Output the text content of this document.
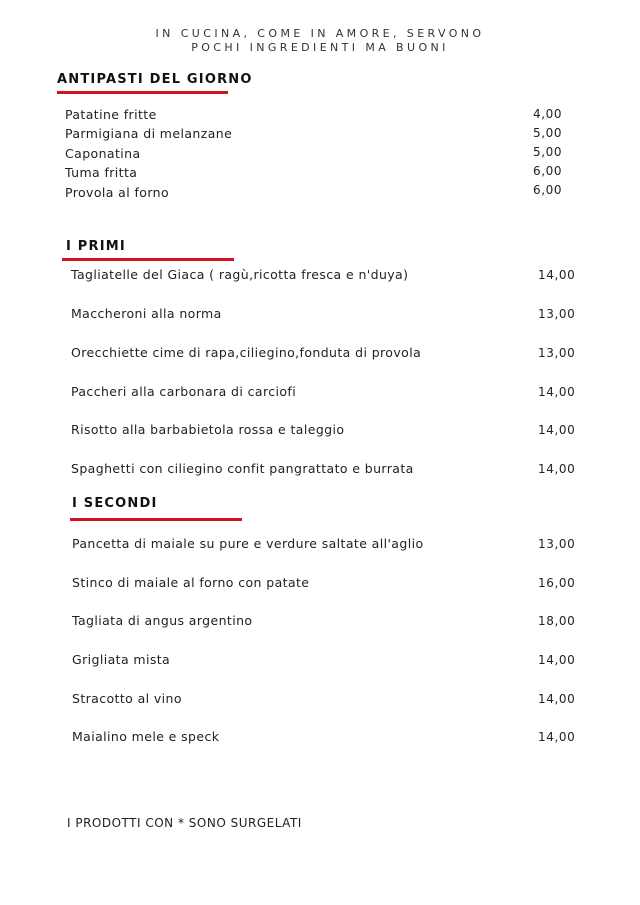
IN CUCINA, COME IN AMORE, SERVONO
POCHI INGREDIENTI MA BUONI
ANTIPASTI DEL GIORNO
Patatine fritte	4,00
Parmigiana di melanzane	5,00
Caponatina	5,00
Tuma fritta	6,00
Provola al forno	6,00
I PRIMI
Tagliatelle del Giaca ( ragù,ricotta fresca e n'duya)	14,00
Maccheroni alla norma	13,00
Orecchiette cime di rapa,ciliegino,fonduta di provola	13,00
Paccheri alla carbonara di carciofi	14,00
Risotto alla barbabietola rossa e taleggio	14,00
Spaghetti con ciliegino confit pangrattato e burrata	14,00
I SECONDI
Pancetta di maiale su pure e verdure saltate all'aglio	13,00
Stinco di maiale al forno con patate	16,00
Tagliata di angus argentino	18,00
Grigliata mista	14,00
Stracotto al vino	14,00
Maialino mele e speck	14,00
I PRODOTTI CON * SONO SURGELATI
